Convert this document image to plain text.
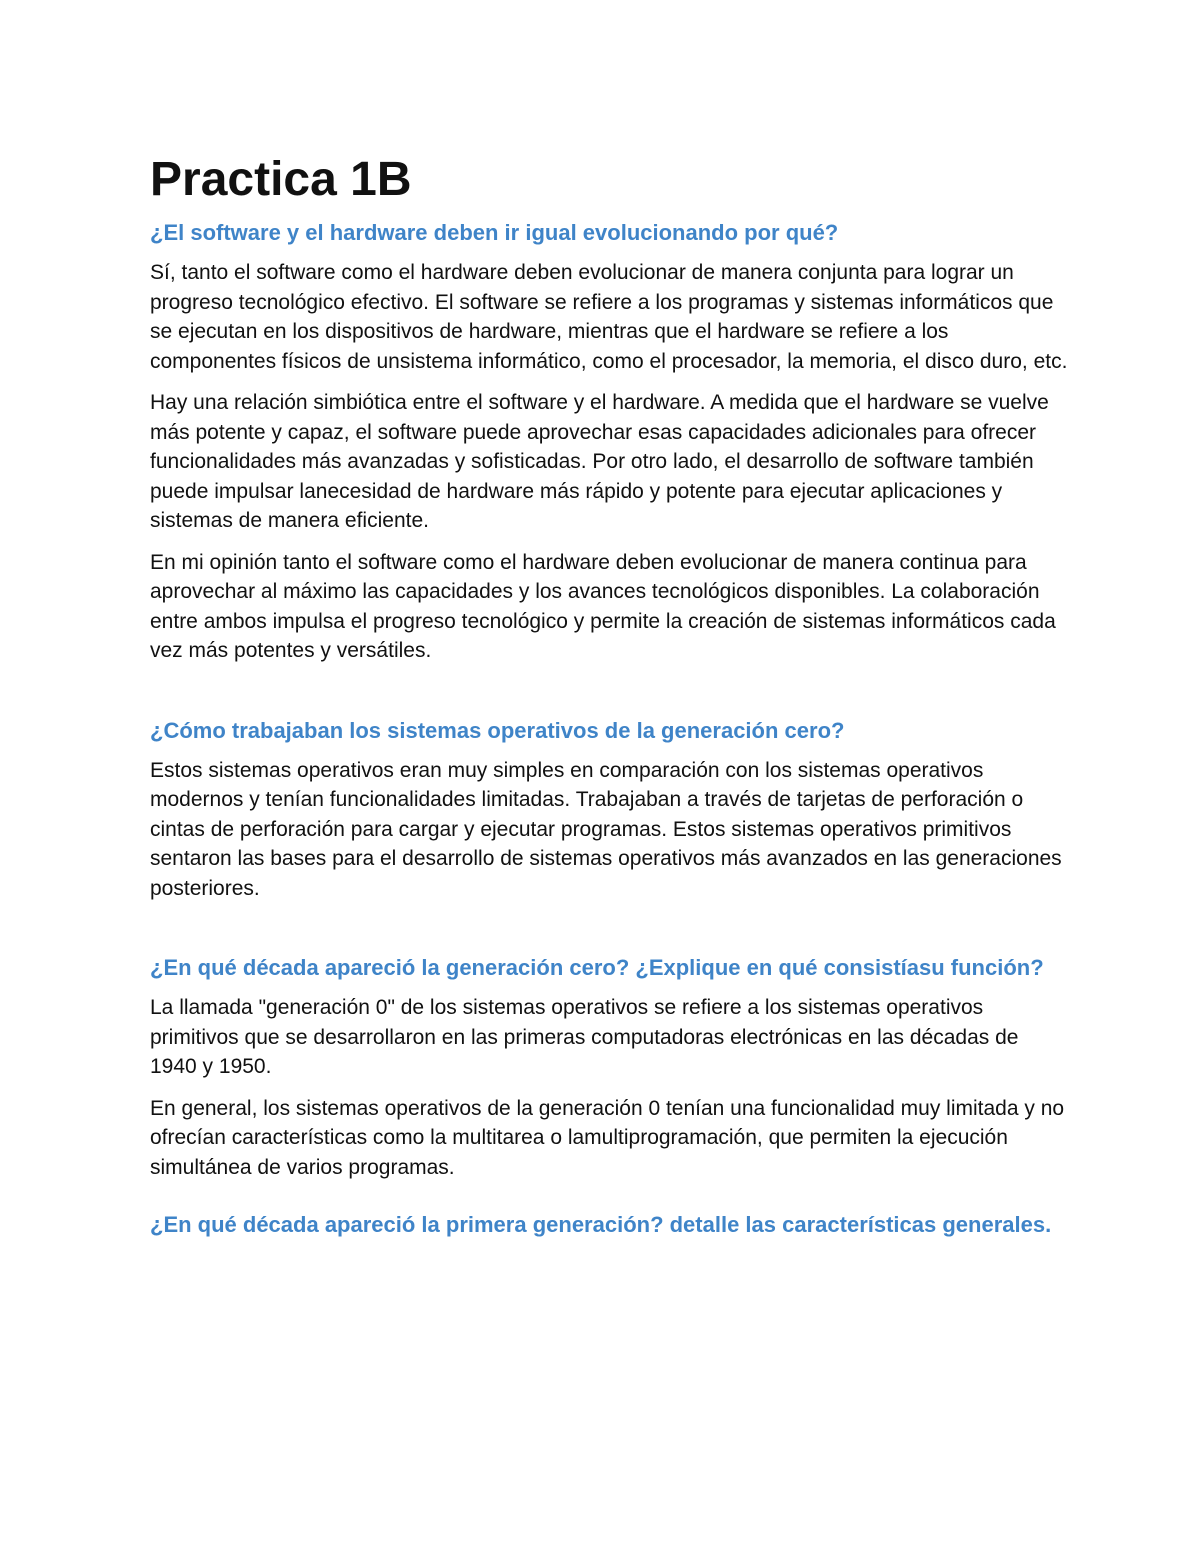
Practica 1B
¿El software y el hardware deben ir igual evolucionando por qué?

Sí, tanto el software como el hardware deben evolucionar de manera conjunta para lograr un progreso tecnológico efectivo. El software se refiere a los programas y sistemas informáticos que se ejecutan en los dispositivos de hardware, mientras que el hardware se refiere a los componentes físicos de unsistema informático, como el procesador, la memoria, el disco duro, etc.

Hay una relación simbiótica entre el software y el hardware. A medida que el hardware se vuelve más potente y capaz, el software puede aprovechar esas capacidades adicionales para ofrecer funcionalidades más avanzadas y sofisticadas. Por otro lado, el desarrollo de software también puede impulsar lanecesidad de hardware más rápido y potente para ejecutar aplicaciones y sistemas de manera eficiente.

En mi opinión tanto el software como el hardware deben evolucionar de manera continua para aprovechar al máximo las capacidades y los avances tecnológicos disponibles. La colaboración entre ambos impulsa el progreso tecnológico y permite la creación de sistemas informáticos cada vez más potentes y versátiles.

¿Cómo trabajaban los sistemas operativos de la generación cero?

Estos sistemas operativos eran muy simples en comparación con los sistemas operativos modernos y tenían funcionalidades limitadas. Trabajaban a través de tarjetas de perforación o cintas de perforación para cargar y ejecutar programas. Estos sistemas operativos primitivos sentaron las bases para el desarrollo de sistemas operativos más avanzados en las generaciones posteriores.

¿En qué década apareció la generación cero? ¿Explique en qué consistíasu función?

La llamada "generación 0" de los sistemas operativos se refiere a los sistemas operativos primitivos que se desarrollaron en las primeras computadoras electrónicas en las décadas de 1940 y 1950.

En general, los sistemas operativos de la generación 0 tenían una funcionalidad muy limitada y no ofrecían características como la multitarea o lamultiprogramación, que permiten la ejecución simultánea de varios programas.

¿En qué década apareció la primera generación? detalle las características generales.
